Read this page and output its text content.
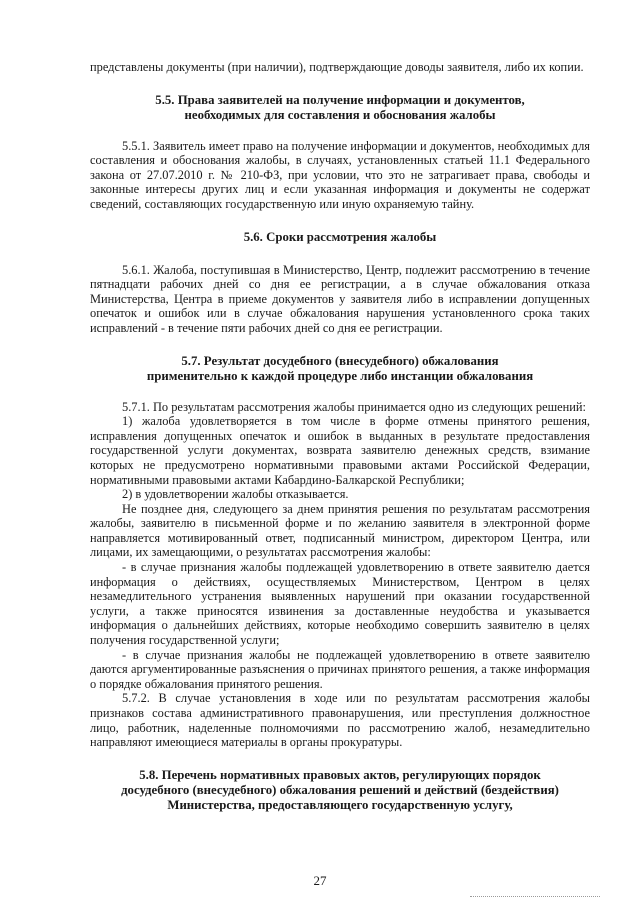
представлены документы (при наличии), подтверждающие доводы заявителя, либо их копии.

5.5. Права заявителей на получение информации и документов,

необходимых для составления и обоснования жалобы

5.5.1. Заявитель имеет право на получение информации и документов, необходимых для составления и обоснования жалобы, в случаях, установленных статьей 11.1 Федерального закона от 27.07.2010 г. № 210-ФЗ, при условии, что это не затрагивает права, свободы и законные интересы других лиц и если указанная информация и документы не содержат сведений, составляющих государственную или иную охраняемую тайну.

5.6. Сроки рассмотрения жалобы

5.6.1. Жалоба, поступившая в Министерство, Центр, подлежит рассмотрению в течение пятнадцати рабочих дней со дня ее регистрации, а в случае обжалования отказа Министерства, Центра в приеме документов у заявителя либо в исправлении допущенных опечаток и ошибок или в случае обжалования нарушения установленного срока таких исправлений - в течение пяти рабочих дней со дня ее регистрации.

5.7. Результат досудебного (внесудебного) обжалования

применительно к каждой процедуре либо инстанции обжалования

5.7.1. По результатам рассмотрения жалобы принимается одно из следующих решений:

1) жалоба удовлетворяется в том числе в форме отмены принятого решения, исправления допущенных опечаток и ошибок в выданных в результате предоставления государственной услуги документах, возврата заявителю денежных средств, взимание которых не предусмотрено нормативными правовыми актами Российской Федерации, нормативными правовыми актами Кабардино-Балкарской Республики;

2) в удовлетворении жалобы отказывается.

Не позднее дня, следующего за днем принятия решения по результатам рассмотрения жалобы, заявителю в письменной форме и по желанию заявителя в электронной форме направляется мотивированный ответ, подписанный министром, директором Центра, или лицами, их замещающими, о результатах рассмотрения жалобы:

- в случае признания жалобы подлежащей удовлетворению в ответе заявителю дается информация о действиях, осуществляемых Министерством, Центром в целях незамедлительного устранения выявленных нарушений при оказании государственной услуги, а также приносятся извинения за доставленные неудобства и указывается информация о дальнейших действиях, которые необходимо совершить заявителю в целях получения государственной услуги;

- в случае признания жалобы не подлежащей удовлетворению в ответе заявителю даются аргументированные разъяснения о причинах принятого решения, а также информация о порядке обжалования принятого решения.

5.7.2. В случае установления в ходе или по результатам рассмотрения жалобы признаков состава административного правонарушения, или преступления должностное лицо, работник, наделенные полномочиями по рассмотрению жалоб, незамедлительно направляют имеющиеся материалы в органы прокуратуры.

5.8. Перечень нормативных правовых актов, регулирующих порядок

досудебного (внесудебного) обжалования решений и действий (бездействия)

Министерства, предоставляющего государственную услугу,

27
